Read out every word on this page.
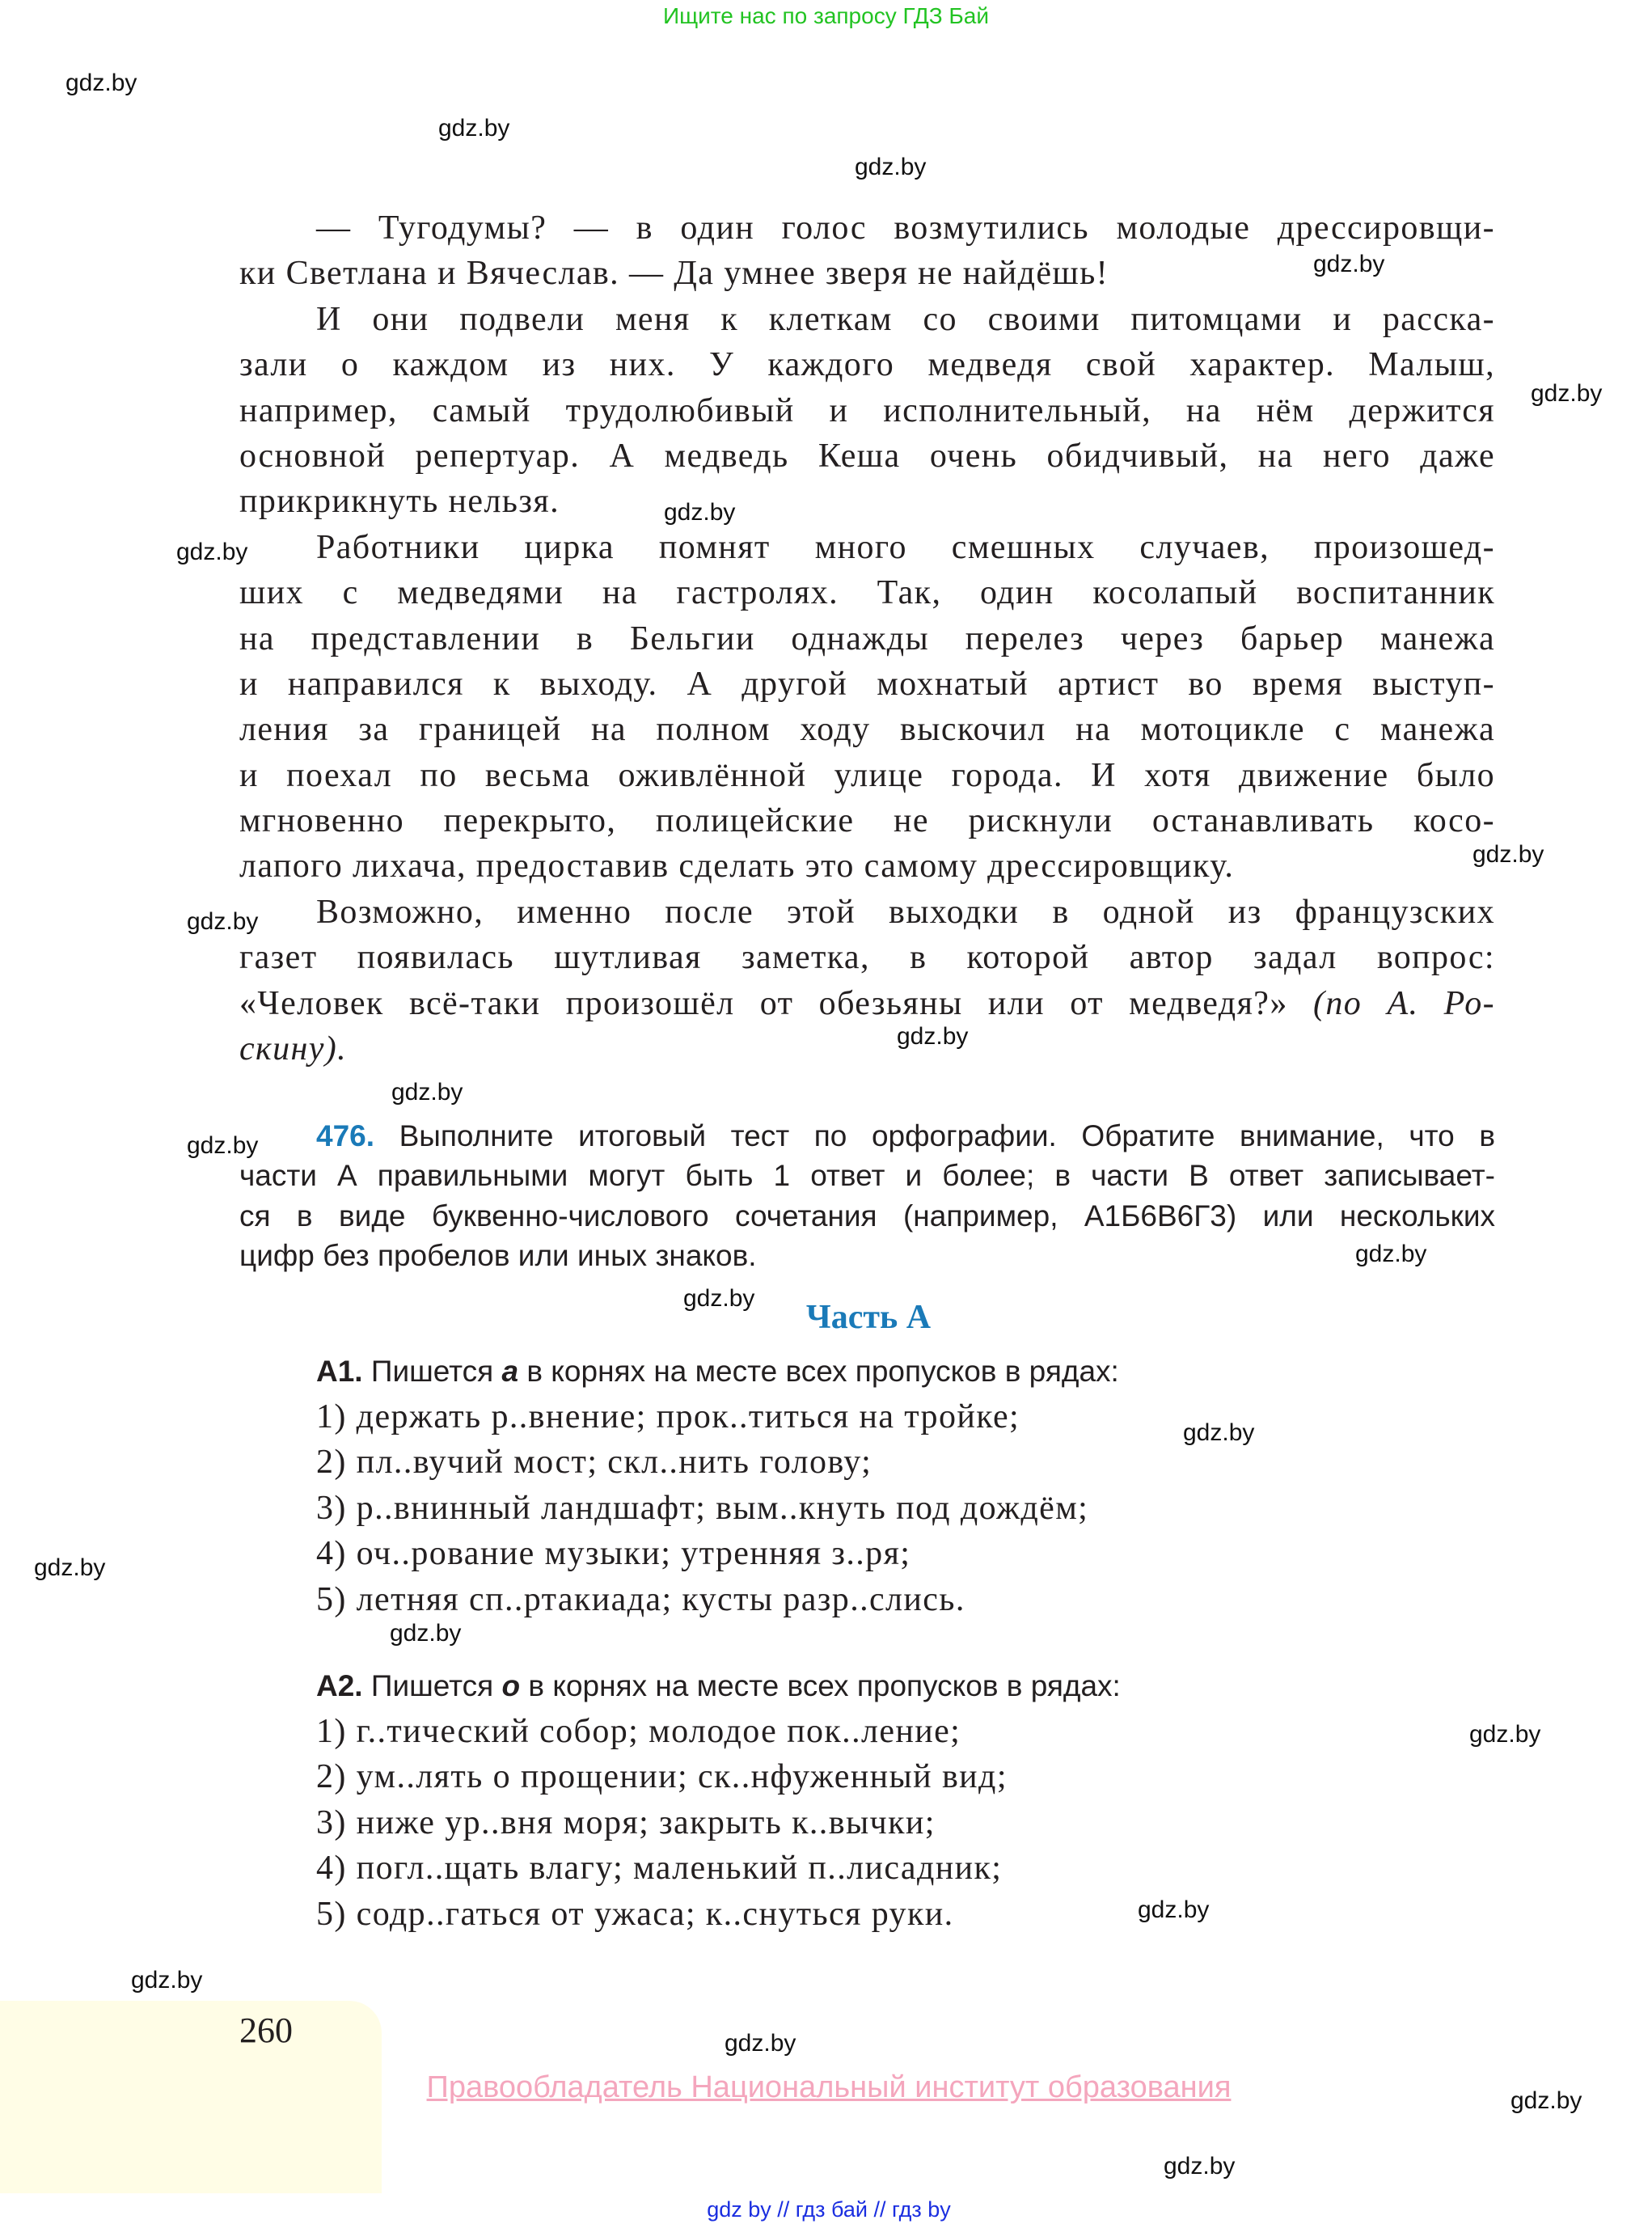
Ищите нас по запросу ГДЗ Бай
— Тугодумы? — в один голос возмутились молодые дрессировщи-
ки Светлана и Вячеслав. — Да умнее зверя не найдёшь!
И они подвели меня к клеткам со своими питомцами и расска-
зали о каждом из них. У каждого медведя свой характер. Малыш,
например, самый трудолюбивый и исполнительный, на нём держится
основной репертуар. А медведь Кеша очень обидчивый, на него даже
прикрикнуть нельзя.
Работники цирка помнят много смешных случаев, произошед-
ших с медведями на гастролях. Так, один косолапый воспитанник
на представлении в Бельгии однажды перелез через барьер манежа
и направился к выходу. А другой мохнатый артист во время выступ-
ления за границей на полном ходу выскочил на мотоцикле с манежа
и поехал по весьма оживлённой улице города. И хотя движение было
мгновенно перекрыто, полицейские не рискнули останавливать косо-
лапого лихача, предоставив сделать это самому дрессировщику.
Возможно, именно после этой выходки в одной из французских
газет появилась шутливая заметка, в которой автор задал вопрос:
«Человек всё-таки произошёл от обезьяны или от медведя?» (по А. Ро-
скину).
476. Выполните итоговый тест по орфографии. Обратите внимание, что в
части А правильными могут быть 1 ответ и более; в части В ответ записывает-
ся в виде буквенно-числового сочетания (например, А1Б6В6Г3) или нескольких
цифр без пробелов или иных знаков.
Часть А
А1. Пишется а в корнях на месте всех пропусков в рядах:
1) держать р..внение; прок..титься на тройке;
2) пл..вучий мост; скл..нить голову;
3) р..внинный ландшафт; вым..кнуть под дождём;
4) оч..рование музыки; утренняя з..ря;
5) летняя сп..ртакиада; кусты разр..слись.
А2. Пишется о в корнях на месте всех пропусков в рядах:
1) г..тический собор; молодое пок..ление;
2) ум..лять о прощении; ск..нфуженный вид;
3) ниже ур..вня моря; закрыть к..вычки;
4) погл..щать влагу; маленький п..лисадник;
5) содр..гаться от ужаса; к..снуться руки.
260
Правообладатель Национальный институт образования
gdz by // гдз бай // гдз by
gdz.by
gdz.by
gdz.by
gdz.by
gdz.by
gdz.by
gdz.by
gdz.by
gdz.by
gdz.by
gdz.by
gdz.by
gdz.by
gdz.by
gdz.by
gdz.by
gdz.by
gdz.by
gdz.by
gdz.by
gdz.by
gdz.by
gdz.by
